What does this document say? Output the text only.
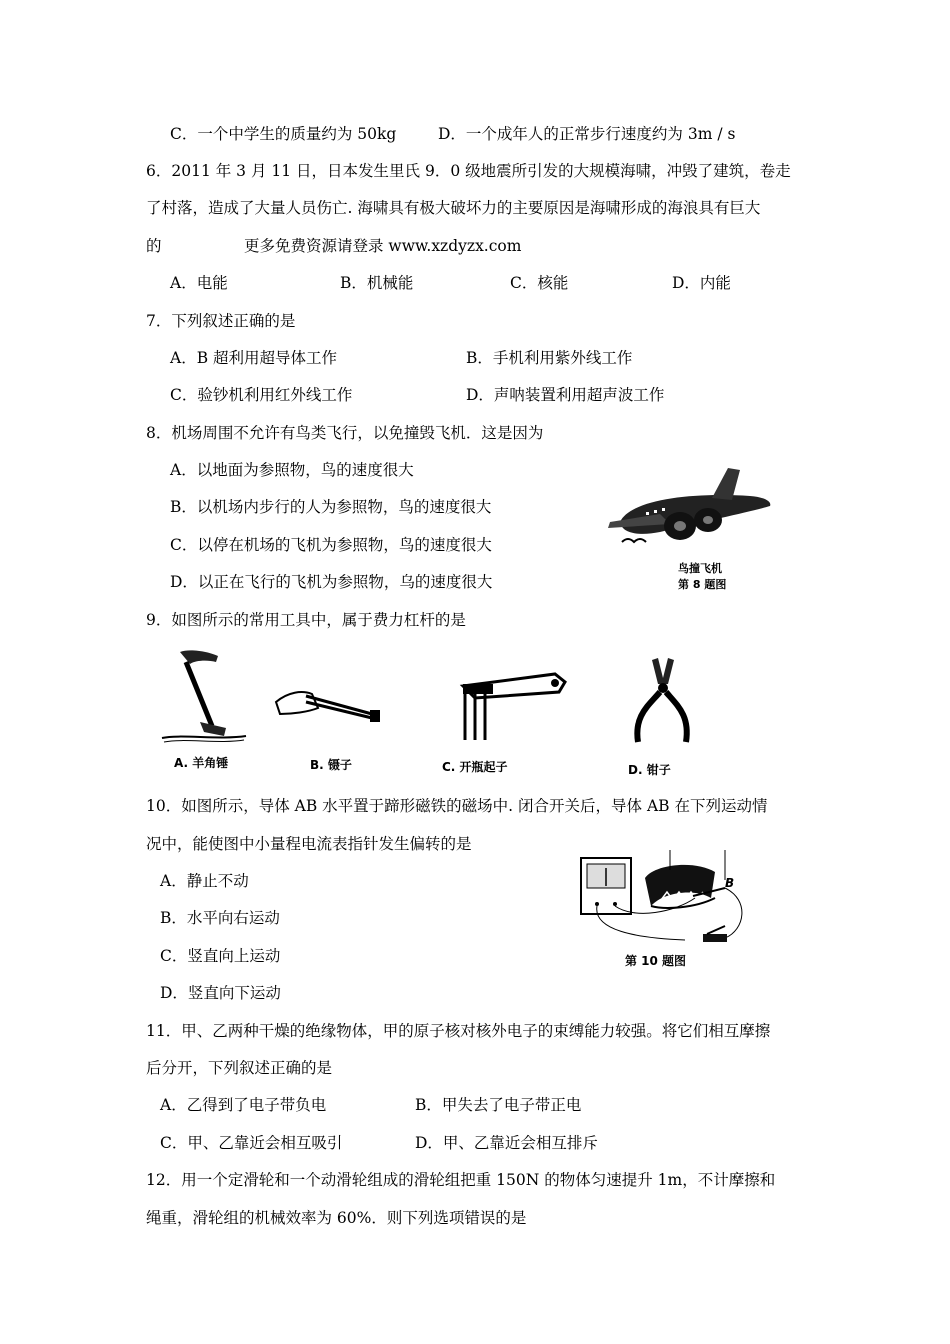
C．一个中学生的质量约为 50kg	D．一个成年人的正常步行速度约为 3m / s
6．2011 年 3 月 11 日，日本发生里氏 9．0 级地震所引发的大规模海啸，冲毁了建筑，卷走
了村落，造成了大量人员伤亡. 海啸具有极大破坏力的主要原因是海啸形成的海浪具有巨大
的	更多免费资源请登录 www.xzdyzx.com
A．电能	B．机械能	C．核能	D．内能
7．下列叙述正确的是
A．B 超利用超导体工作	B．手机利用紫外线工作
C．验钞机利用红外线工作	D．声呐装置利用超声波工作
8．机场周围不允许有鸟类飞行，以免撞毁飞机．这是因为
A．以地面为参照物，鸟的速度很大
B．以机场内步行的人为参照物，鸟的速度很大
C．以停在机场的飞机为参照物，鸟的速度很大
D．以正在飞行的飞机为参照物，乌的速度很大
鸟撞飞机
第 8 题图
9．如图所示的常用工具中，属于费力杠杆的是
A. 羊角锤	B. 镊子	C. 开瓶起子	D. 钳子
10．如图所示，导体 AB 水平置于蹄形磁铁的磁场中. 闭合开关后，导体 AB 在下列运动情
况中，能使图中小量程电流表指针发生偏转的是
A．静止不动
B．水平向右运动
C．竖直向上运动
D．竖直向下运动
B
第 10 题图
11．甲、乙两种干燥的绝缘物体，甲的原子核对核外电子的束缚能力较强。将它们相互摩擦
后分开，下列叙述正确的是
A．乙得到了电子带负电	B．甲失去了电子带正电
C．甲、乙靠近会相互吸引	D．甲、乙靠近会相互排斥
12．用一个定滑轮和一个动滑轮组成的滑轮组把重 150N 的物体匀速提升 1m，不计摩擦和
绳重，滑轮组的机械效率为 60%．则下列选项错误的是
